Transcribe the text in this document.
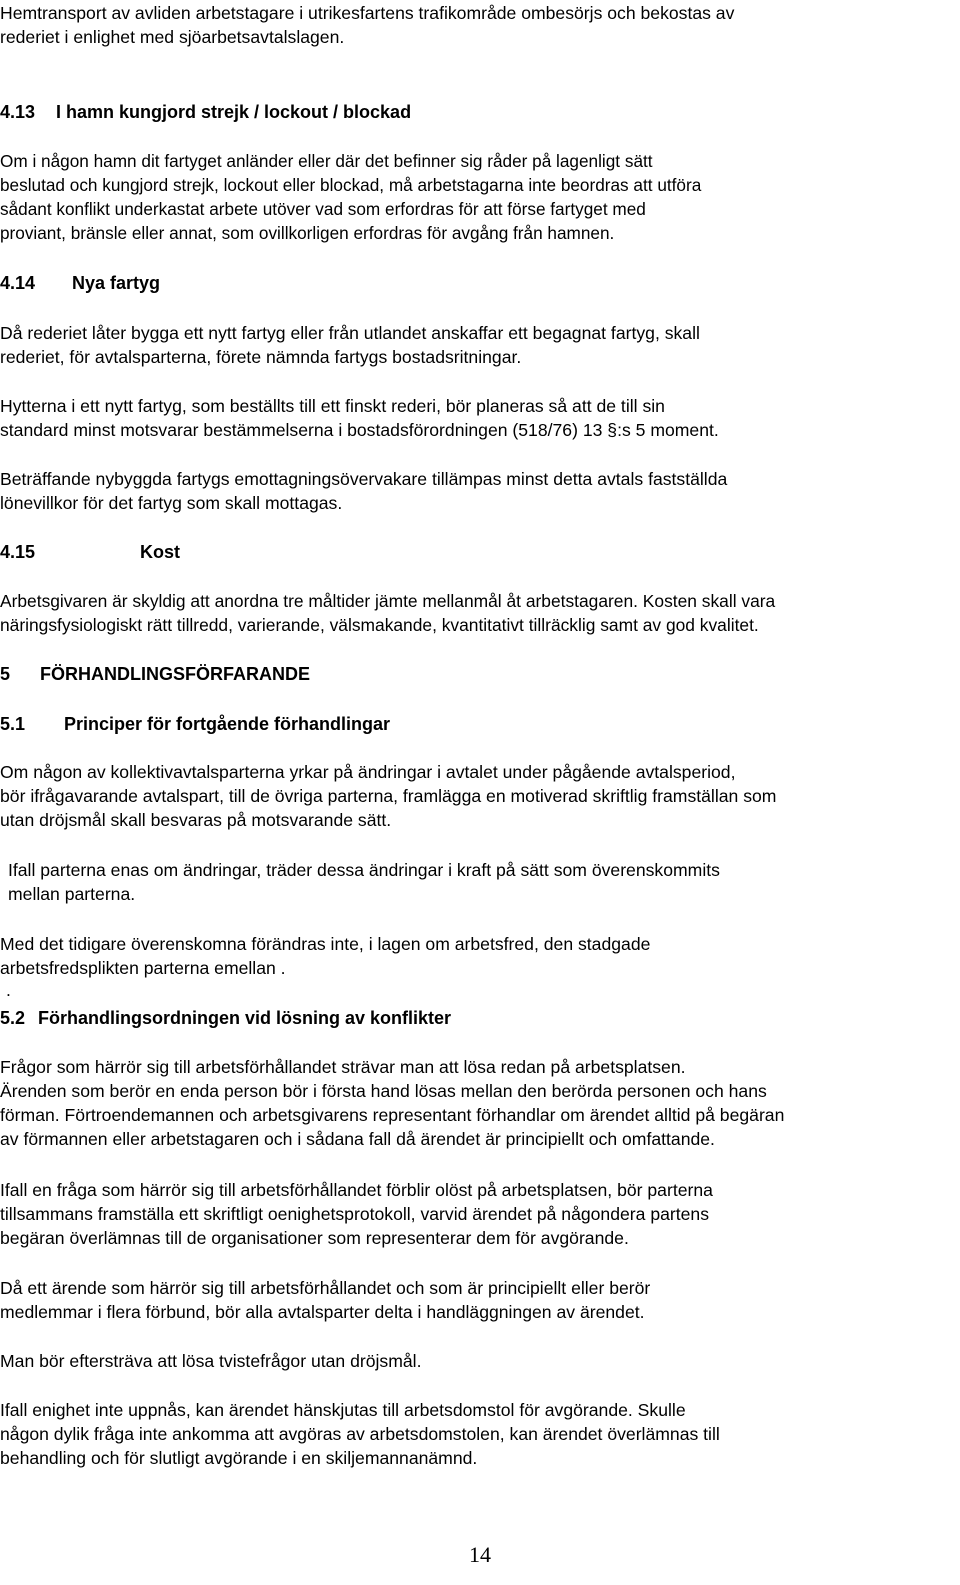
Hemtransport av avliden arbetstagare i utrikesfartens trafikområde ombesörjs och bekostas av
rederiet i enlighet med sjöarbetsavtalslagen.
4.13 I hamn kungjord strejk / lockout / blockad
Om i någon hamn dit fartyget anländer eller där det befinner sig råder på lagenligt sätt
beslutad och kungjord strejk, lockout eller blockad, må arbetstagarna inte beordras att utföra
sådant konflikt underkastat arbete utöver vad som erfordras för att förse fartyget med
proviant, bränsle eller annat, som ovillkorligen erfordras för avgång från hamnen.
4.14 Nya fartyg
Då rederiet låter bygga ett nytt fartyg eller från utlandet anskaffar ett begagnat fartyg, skall
rederiet, för avtalsparterna, förete nämnda fartygs bostadsritningar.
Hytterna i ett nytt fartyg, som beställts till ett finskt rederi, bör planeras så att de till sin
standard minst motsvarar bestämmelserna i bostadsförordningen (518/76) 13 §:s 5 moment.
Beträffande nybyggda fartygs emottagningsövervakare tillämpas minst detta avtals fastställda
lönevillkor för det fartyg som skall mottagas.
4.15	Kost
Arbetsgivaren är skyldig att anordna tre måltider jämte mellanmål åt arbetstagaren. Kosten skall vara
näringsfysiologiskt rätt tillredd, varierande, välsmakande, kvantitativt tillräcklig samt av god kvalitet.
5 FÖRHANDLINGSFÖRFARANDE
5.1 Principer för fortgående förhandlingar
Om någon av kollektivavtalsparterna yrkar på ändringar i avtalet under pågående avtalsperiod,
bör ifrågavarande avtalspart, till de övriga parterna, framlägga en motiverad skriftlig framställan som
utan dröjsmål skall besvaras på motsvarande sätt.
Ifall parterna enas om ändringar, träder dessa ändringar i kraft på sätt som överenskommits
mellan parterna.
Med det tidigare överenskomna förändras inte, i lagen om arbetsfred, den stadgade
arbetsfredsplikten parterna emellan .
.
5.2 Förhandlingsordningen vid lösning av konflikter
Frågor som härrör sig till arbetsförhållandet strävar man att lösa redan på arbetsplatsen.
Ärenden som berör en enda person bör i första hand lösas mellan den berörda personen och hans
förman. Förtroendemannen och arbetsgivarens representant förhandlar om ärendet alltid på begäran
av förmannen eller arbetstagaren och i sådana fall då ärendet är principiellt och omfattande.
Ifall en fråga som härrör sig till arbetsförhållandet förblir olöst på arbetsplatsen, bör parterna
tillsammans framställa ett skriftligt oenighetsprotokoll, varvid ärendet på någondera partens
begäran överlämnas till de organisationer som representerar dem för avgörande.
Då ett ärende som härrör sig till arbetsförhållandet och som är principiellt eller berör
medlemmar i flera förbund, bör alla avtalsparter delta i handläggningen av ärendet.
Man bör eftersträva att lösa tvistefrågor utan dröjsmål.
Ifall enighet inte uppnås, kan ärendet hänskjutas till arbetsdomstol för avgörande. Skulle
någon dylik fråga inte ankomma att avgöras av arbetsdomstolen, kan ärendet överlämnas till
behandling och för slutligt avgörande i en skiljemannanämnd.
14
